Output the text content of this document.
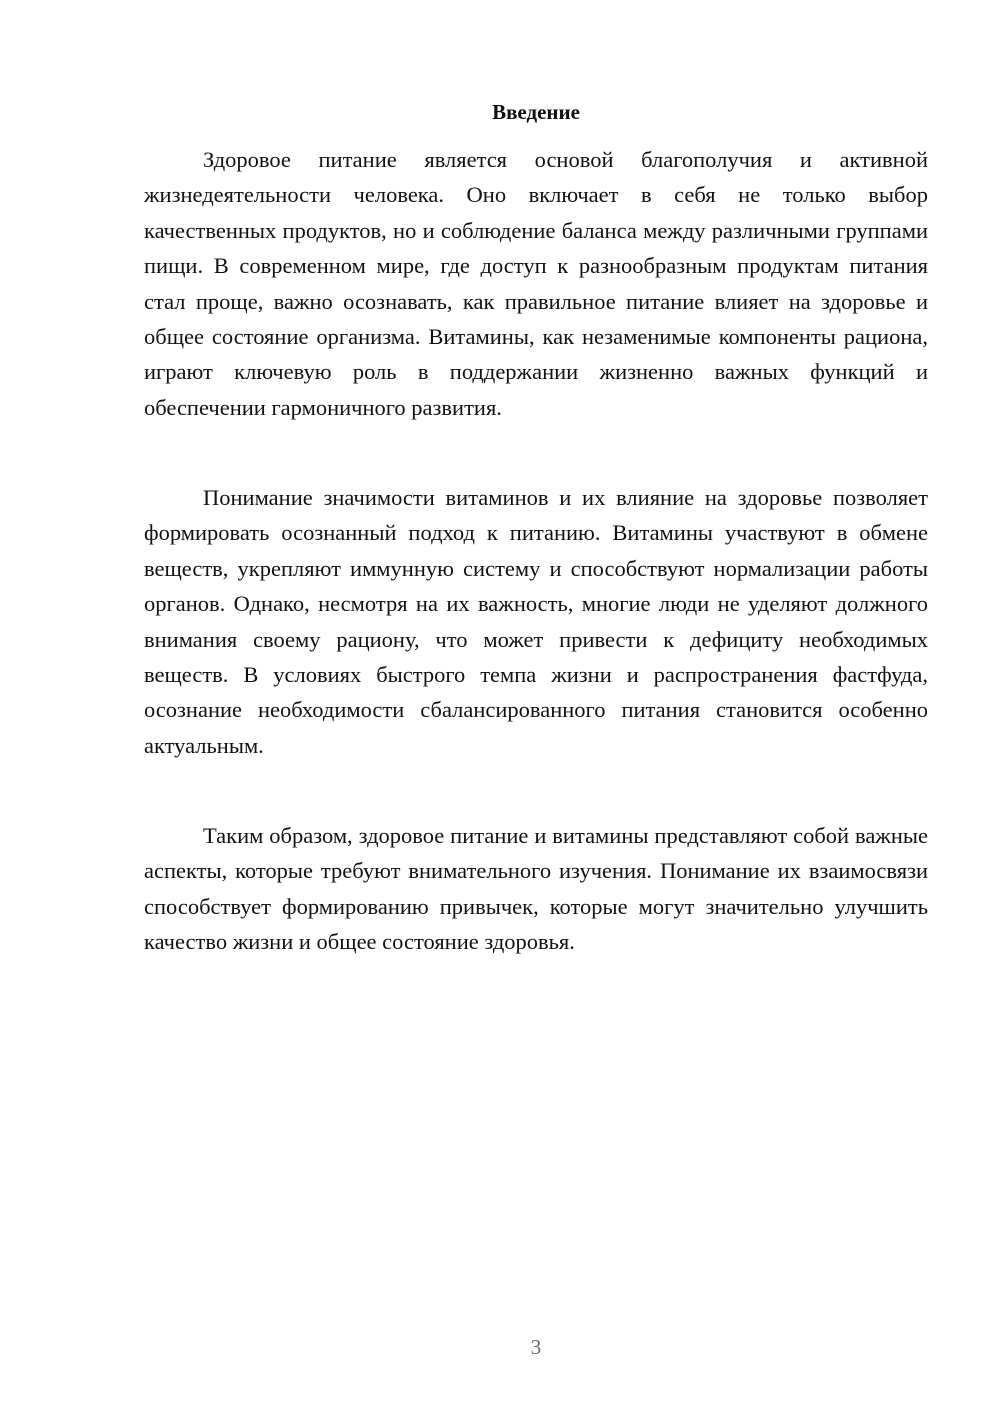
Введение

Здоровое питание является основой благополучия и активной жизнедеятельности человека. Оно включает в себя не только выбор качественных продуктов, но и соблюдение баланса между различными группами пищи. В современном мире, где доступ к разнообразным продуктам питания стал проще, важно осознавать, как правильное питание влияет на здоровье и общее состояние организма. Витамины, как незаменимые компоненты рациона, играют ключевую роль в поддержании жизненно важных функций и обеспечении гармоничного развития.

Понимание значимости витаминов и их влияние на здоровье позволяет формировать осознанный подход к питанию. Витамины участвуют в обмене веществ, укрепляют иммунную систему и способствуют нормализации работы органов. Однако, несмотря на их важность, многие люди не уделяют должного внимания своему рациону, что может привести к дефициту необходимых веществ. В условиях быстрого темпа жизни и распространения фастфуда, осознание необходимости сбалансированного питания становится особенно актуальным.

Таким образом, здоровое питание и витамины представляют собой важные аспекты, которые требуют внимательного изучения. Понимание их взаимосвязи способствует формированию привычек, которые могут значительно улучшить качество жизни и общее состояние здоровья.

3
